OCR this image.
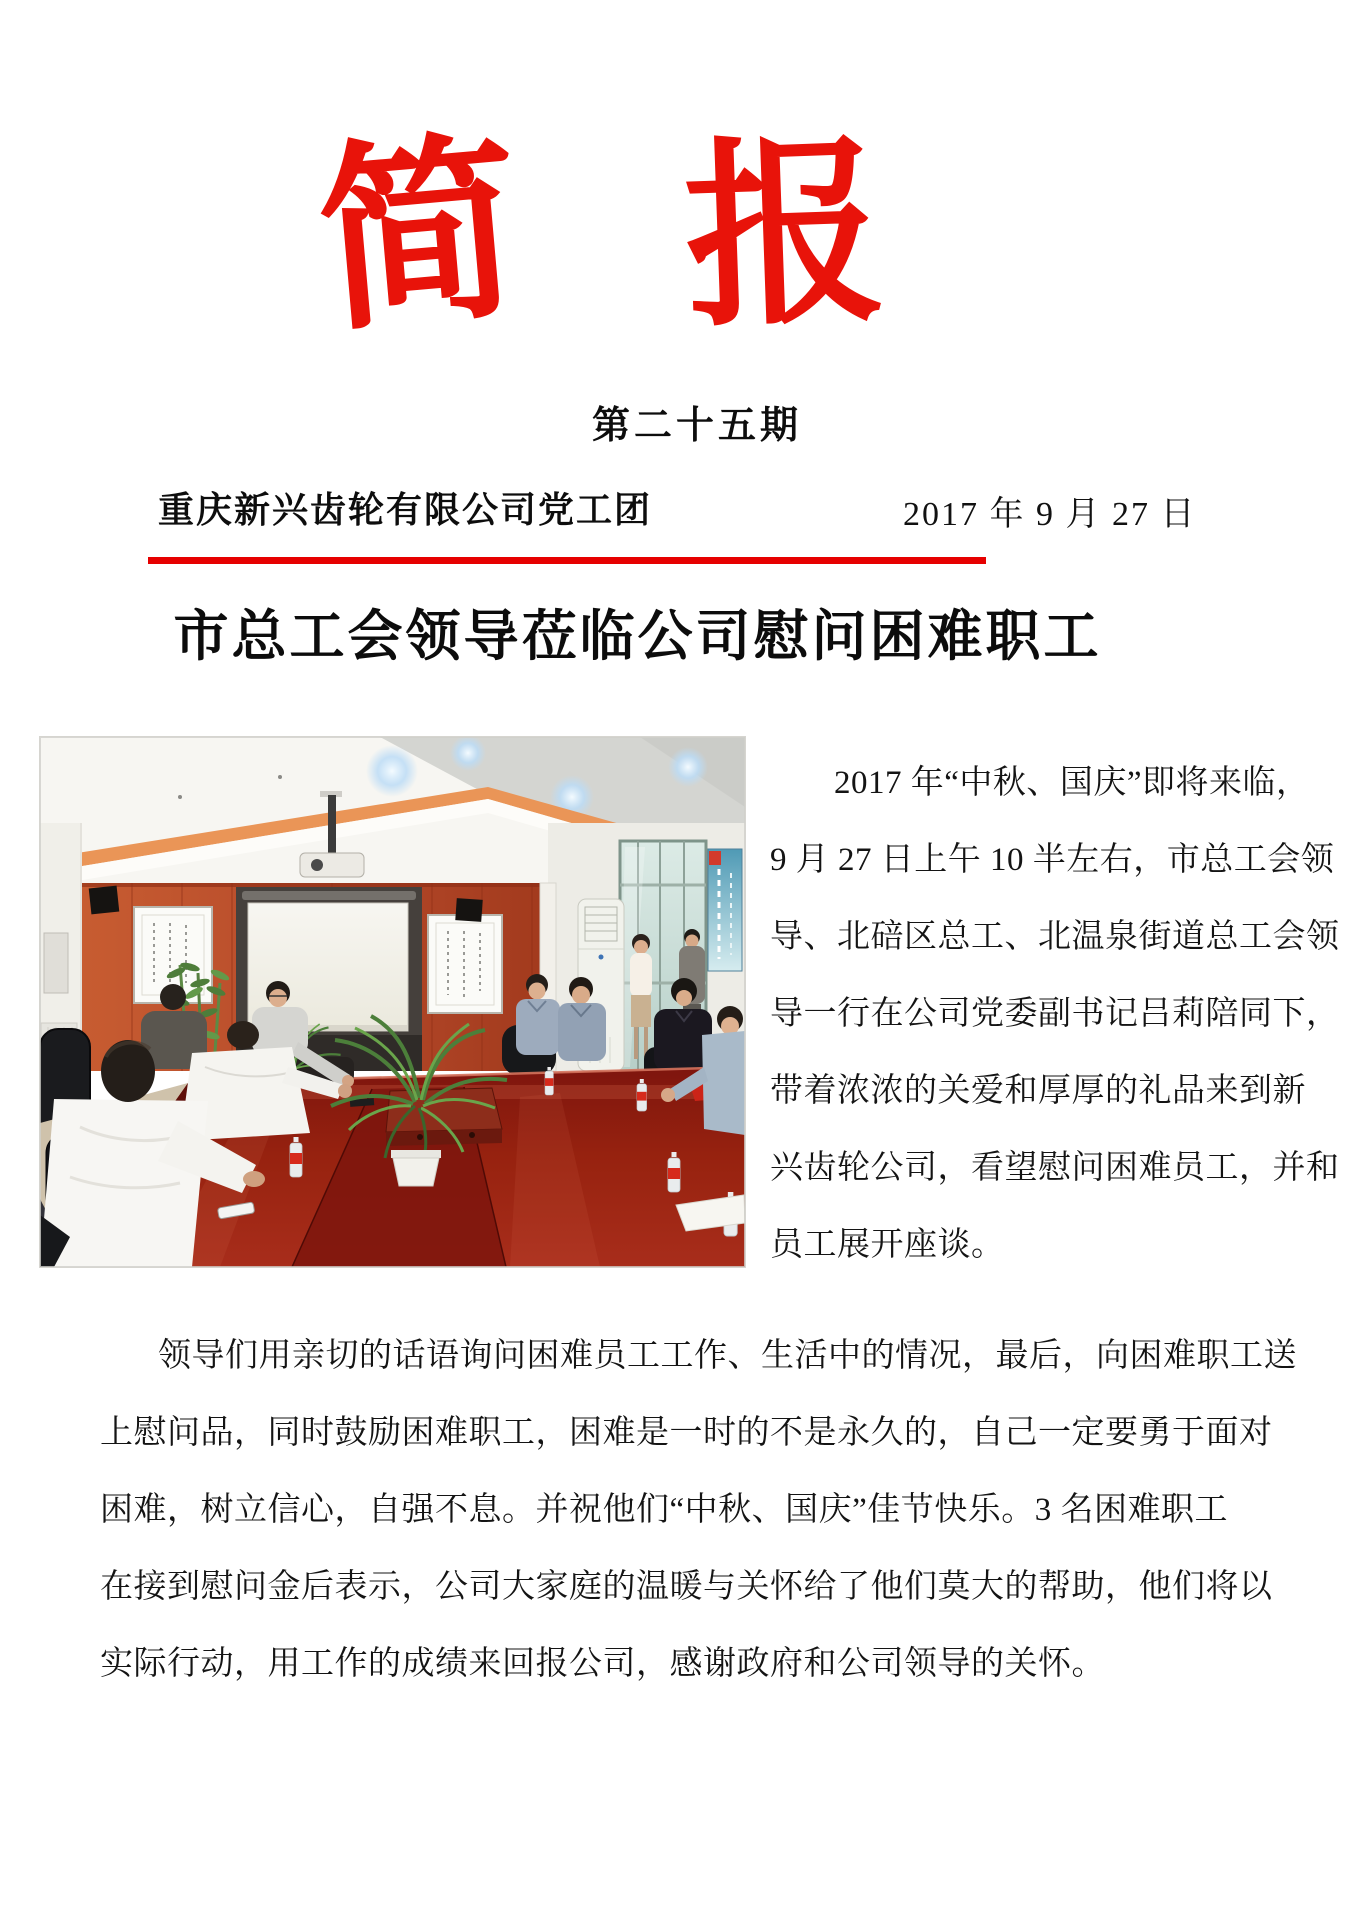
简 报
第二十五期
重庆新兴齿轮有限公司党工团	2017 年 9 月 27 日
市总工会领导莅临公司慰问困难职工
2017 年“中秋、国庆”即将来临，
9 月 27 日上午 10 半左右，市总工会领
导、北碚区总工、北温泉街道总工会领
导一行在公司党委副书记吕莉陪同下，
带着浓浓的关爱和厚厚的礼品来到新
兴齿轮公司，看望慰问困难员工，并和
员工展开座谈。
领导们用亲切的话语询问困难员工工作、生活中的情况，最后，向困难职工送
上慰问品，同时鼓励困难职工，困难是一时的不是永久的，自己一定要勇于面对
困难，树立信心，自强不息。并祝他们“中秋、国庆”佳节快乐。3 名困难职工
在接到慰问金后表示，公司大家庭的温暖与关怀给了他们莫大的帮助，他们将以
实际行动，用工作的成绩来回报公司，感谢政府和公司领导的关怀。
